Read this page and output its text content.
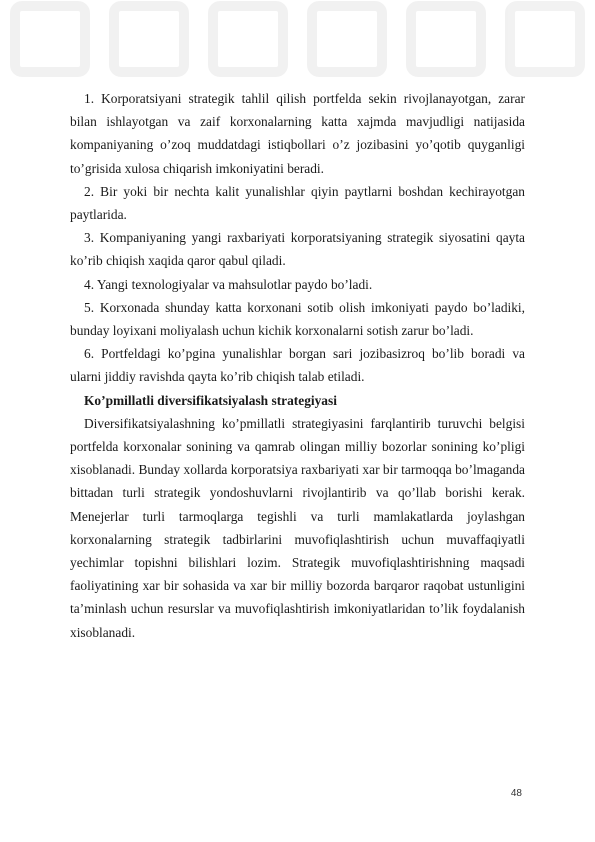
1. Korporatsiyani strategik tahlil qilish portfelda sekin rivojlanayotgan, zarar bilan ishlayotgan va zaif korxonalarning katta xajmda mavjudligi natijasida kompaniyaning o’zoq muddatdagi istiqbollari o’z jozibasini yo’qotib quyganligi to’grisida xulosa chiqarish imkoniyatini beradi.

2. Bir yoki bir nechta kalit yunalishlar qiyin paytlarni boshdan kechirayotgan paytlarida.

3. Kompaniyaning yangi raxbariyati korporatsiyaning strategik siyosatini qayta ko’rib chiqish xaqida qaror qabul qiladi.

4. Yangi texnologiyalar va mahsulotlar paydo bo’ladi.

5. Korxonada shunday katta korxonani sotib olish imkoniyati paydo bo’ladiki, bunday loyixani moliyalash uchun kichik korxonalarni sotish zarur bo’ladi.

6. Portfeldagi ko’pgina yunalishlar borgan sari jozibasizroq bo’lib boradi va ularni jiddiy ravishda qayta ko’rib chiqish talab etiladi.

Ko’pmillatli diversifikatsiyalash strategiyasi

Diversifikatsiyalashning ko’pmillatli strategiyasini farqlantirib turuvchi belgisi portfelda korxonalar sonining va qamrab olingan milliy bozorlar sonining ko’pligi xisoblanadi. Bunday xollarda korporatsiya raxbariyati xar bir tarmoqqa bo’lmaganda bittadan turli strategik yondoshuvlarni rivojlantirib va qo’llab borishi kerak. Menejerlar turli tarmoqlarga tegishli va turli mamlakatlarda joylashgan korxonalarning strategik tadbirlarini muvofiqlashtirish uchun muvaffaqiyatli yechimlar topishni bilishlari lozim. Strategik muvofiqlashtirishning maqsadi faoliyatining xar bir sohasida va xar bir milliy bozorda barqaror raqobat ustunligini ta’minlash uchun resurslar va muvofiqlashtirish imkoniyatlaridan to’lik foydalanish xisoblanadi.

48
